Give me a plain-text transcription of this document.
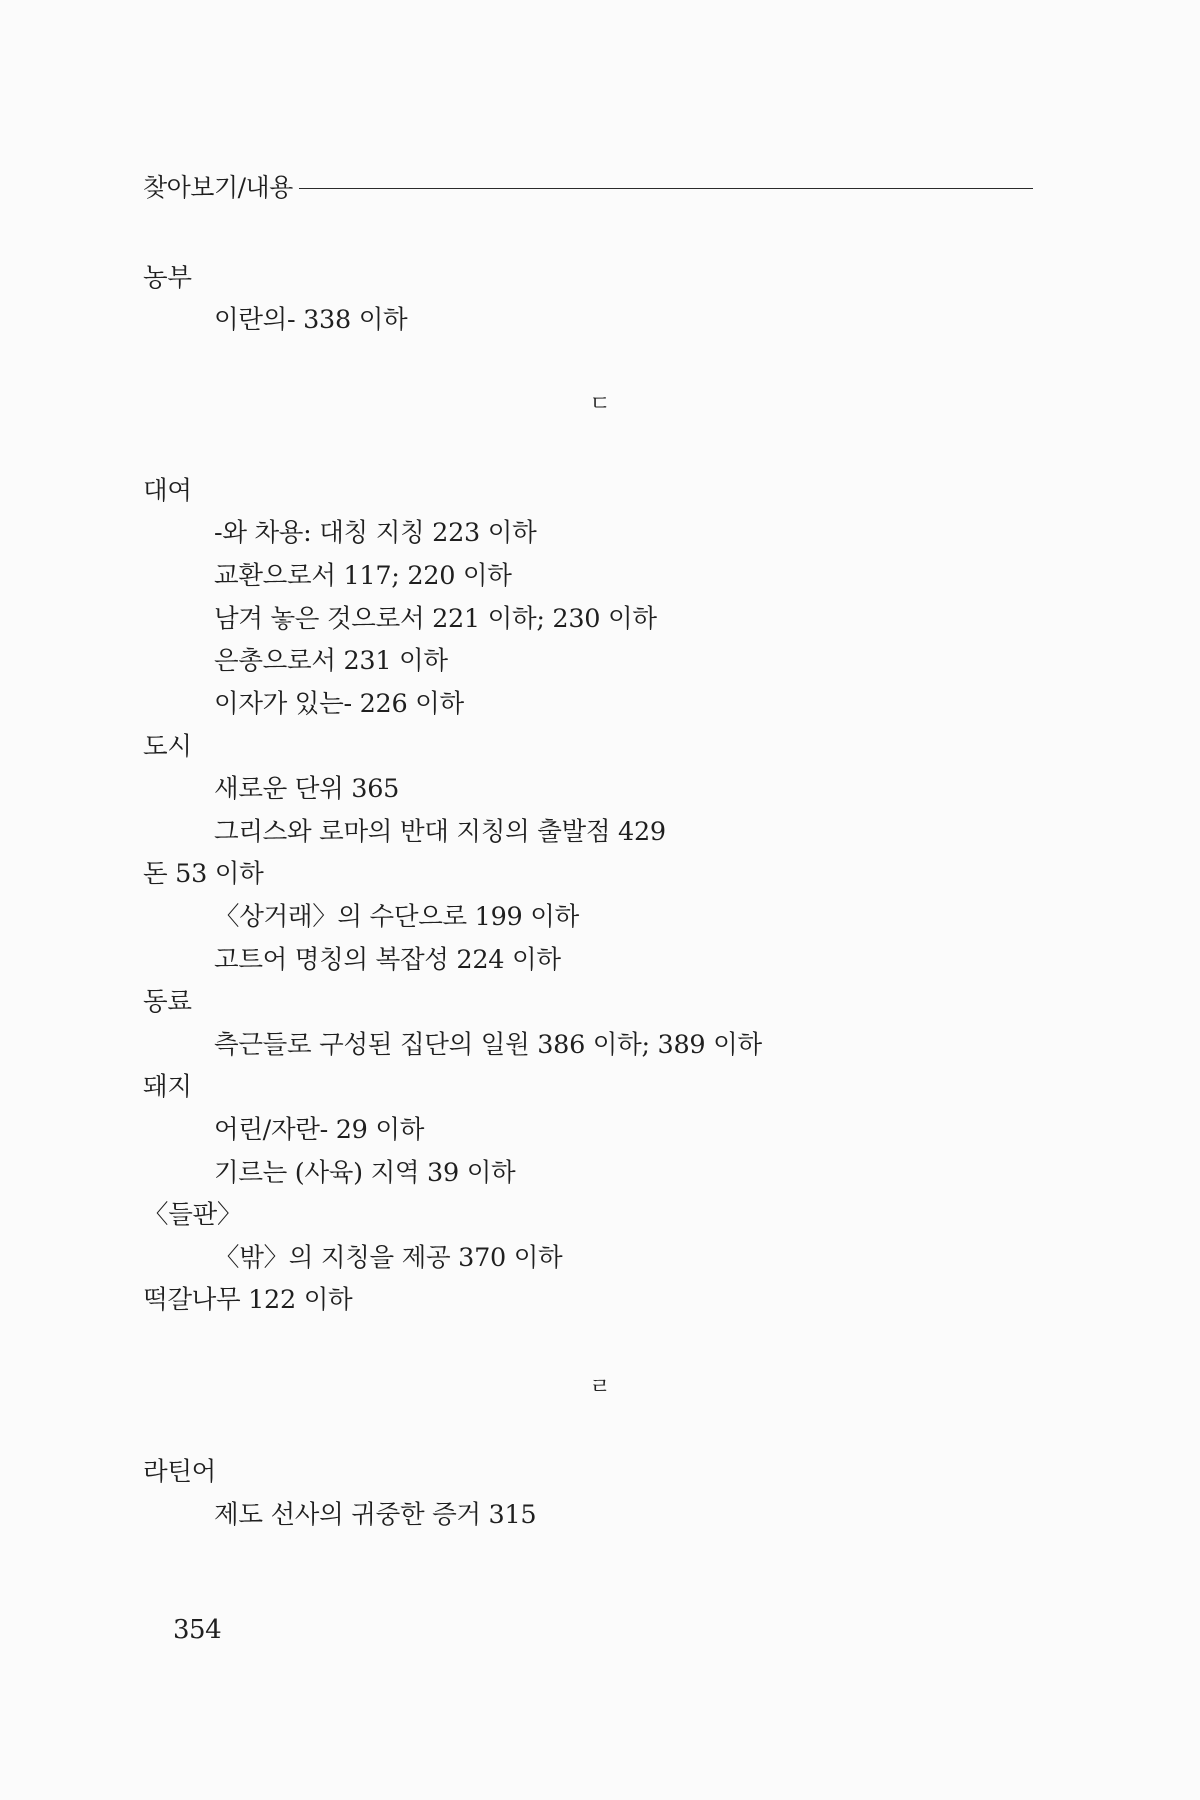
찾아보기/내용
농부
이란의- 338 이하
ㄷ
대여
-와 차용: 대칭 지칭 223 이하
교환으로서 117; 220 이하
남겨 놓은 것으로서 221 이하; 230 이하
은총으로서 231 이하
이자가 있는- 226 이하
도시
새로운 단위 365
그리스와 로마의 반대 지칭의 출발점 429
돈 53 이하
〈상거래〉의 수단으로 199 이하
고트어 명칭의 복잡성 224 이하
동료
측근들로 구성된 집단의 일원 386 이하; 389 이하
돼지
어린/자란- 29 이하
기르는 (사육) 지역 39 이하
〈들판〉
〈밖〉의 지칭을 제공 370 이하
떡갈나무 122 이하
ㄹ
라틴어
제도 선사의 귀중한 증거 315
354
